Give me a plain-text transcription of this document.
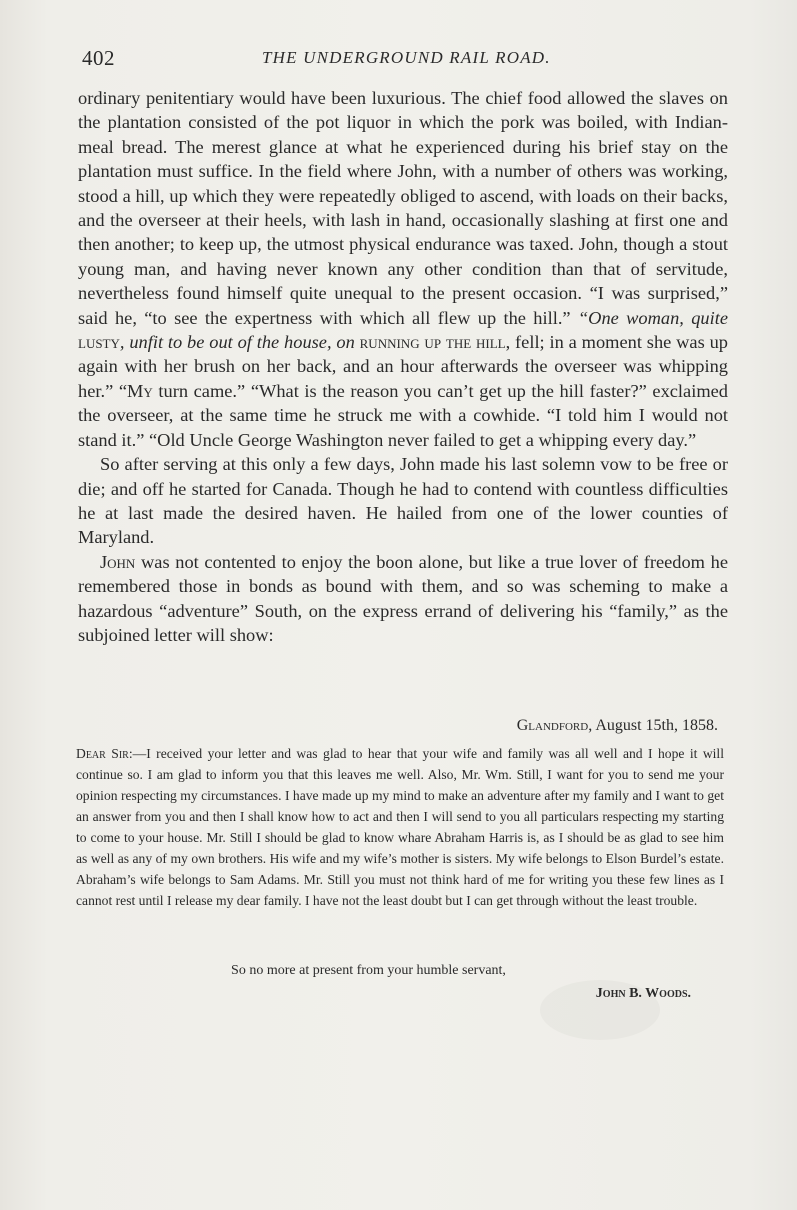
402	THE UNDERGROUND RAIL ROAD.

ordinary penitentiary would have been luxurious. The chief food allowed the slaves on the plantation consisted of the pot liquor in which the pork was boiled, with Indian-meal bread. The merest glance at what he experienced during his brief stay on the plantation must suffice. In the field where John, with a number of others was working, stood a hill, up which they were repeatedly obliged to ascend, with loads on their backs, and the overseer at their heels, with lash in hand, occasionally slashing at first one and then another; to keep up, the utmost physical endurance was taxed. John, though a stout young man, and having never known any other condition than that of servitude, nevertheless found himself quite unequal to the present occasion. “I was surprised,” said he, “to see the expertness with which all flew up the hill.” “One woman, quite lusty, unfit to be out of the house, on running up the hill, fell; in a moment she was up again with her brush on her back, and an hour afterwards the overseer was whipping her.” “My turn came.” “What is the reason you can’t get up the hill faster?” exclaimed the overseer, at the same time he struck me with a cowhide. “I told him I would not stand it.” “Old Uncle George Washington never failed to get a whipping every day.”

So after serving at this only a few days, John made his last solemn vow to be free or die; and off he started for Canada. Though he had to contend with countless difficulties he at last made the desired haven. He hailed from one of the lower counties of Maryland.

John was not contented to enjoy the boon alone, but like a true lover of freedom he remembered those in bonds as bound with them, and so was scheming to make a hazardous “adventure” South, on the express errand of delivering his “family,” as the subjoined letter will show:

Glandford, August 15th, 1858.
Dear Sir:—I received your letter and was glad to hear that your wife and family was all well and I hope it will continue so. I am glad to inform you that this leaves me well. Also, Mr. Wm. Still, I want for you to send me your opinion respecting my circumstances. I have made up my mind to make an adventure after my family and I want to get an answer from you and then I shall know how to act and then I will send to you all particulars respecting my starting to come to your house. Mr. Still I should be glad to know whare Abraham Harris is, as I should be as glad to see him as well as any of my own brothers. His wife and my wife’s mother is sisters. My wife belongs to Elson Burdel’s estate. Abraham’s wife belongs to Sam Adams. Mr. Still you must not think hard of me for writing you these few lines as I cannot rest until I release my dear family. I have not the least doubt but I can get through without the least trouble.
So no more at present from your humble servant,
John B. Woods.
